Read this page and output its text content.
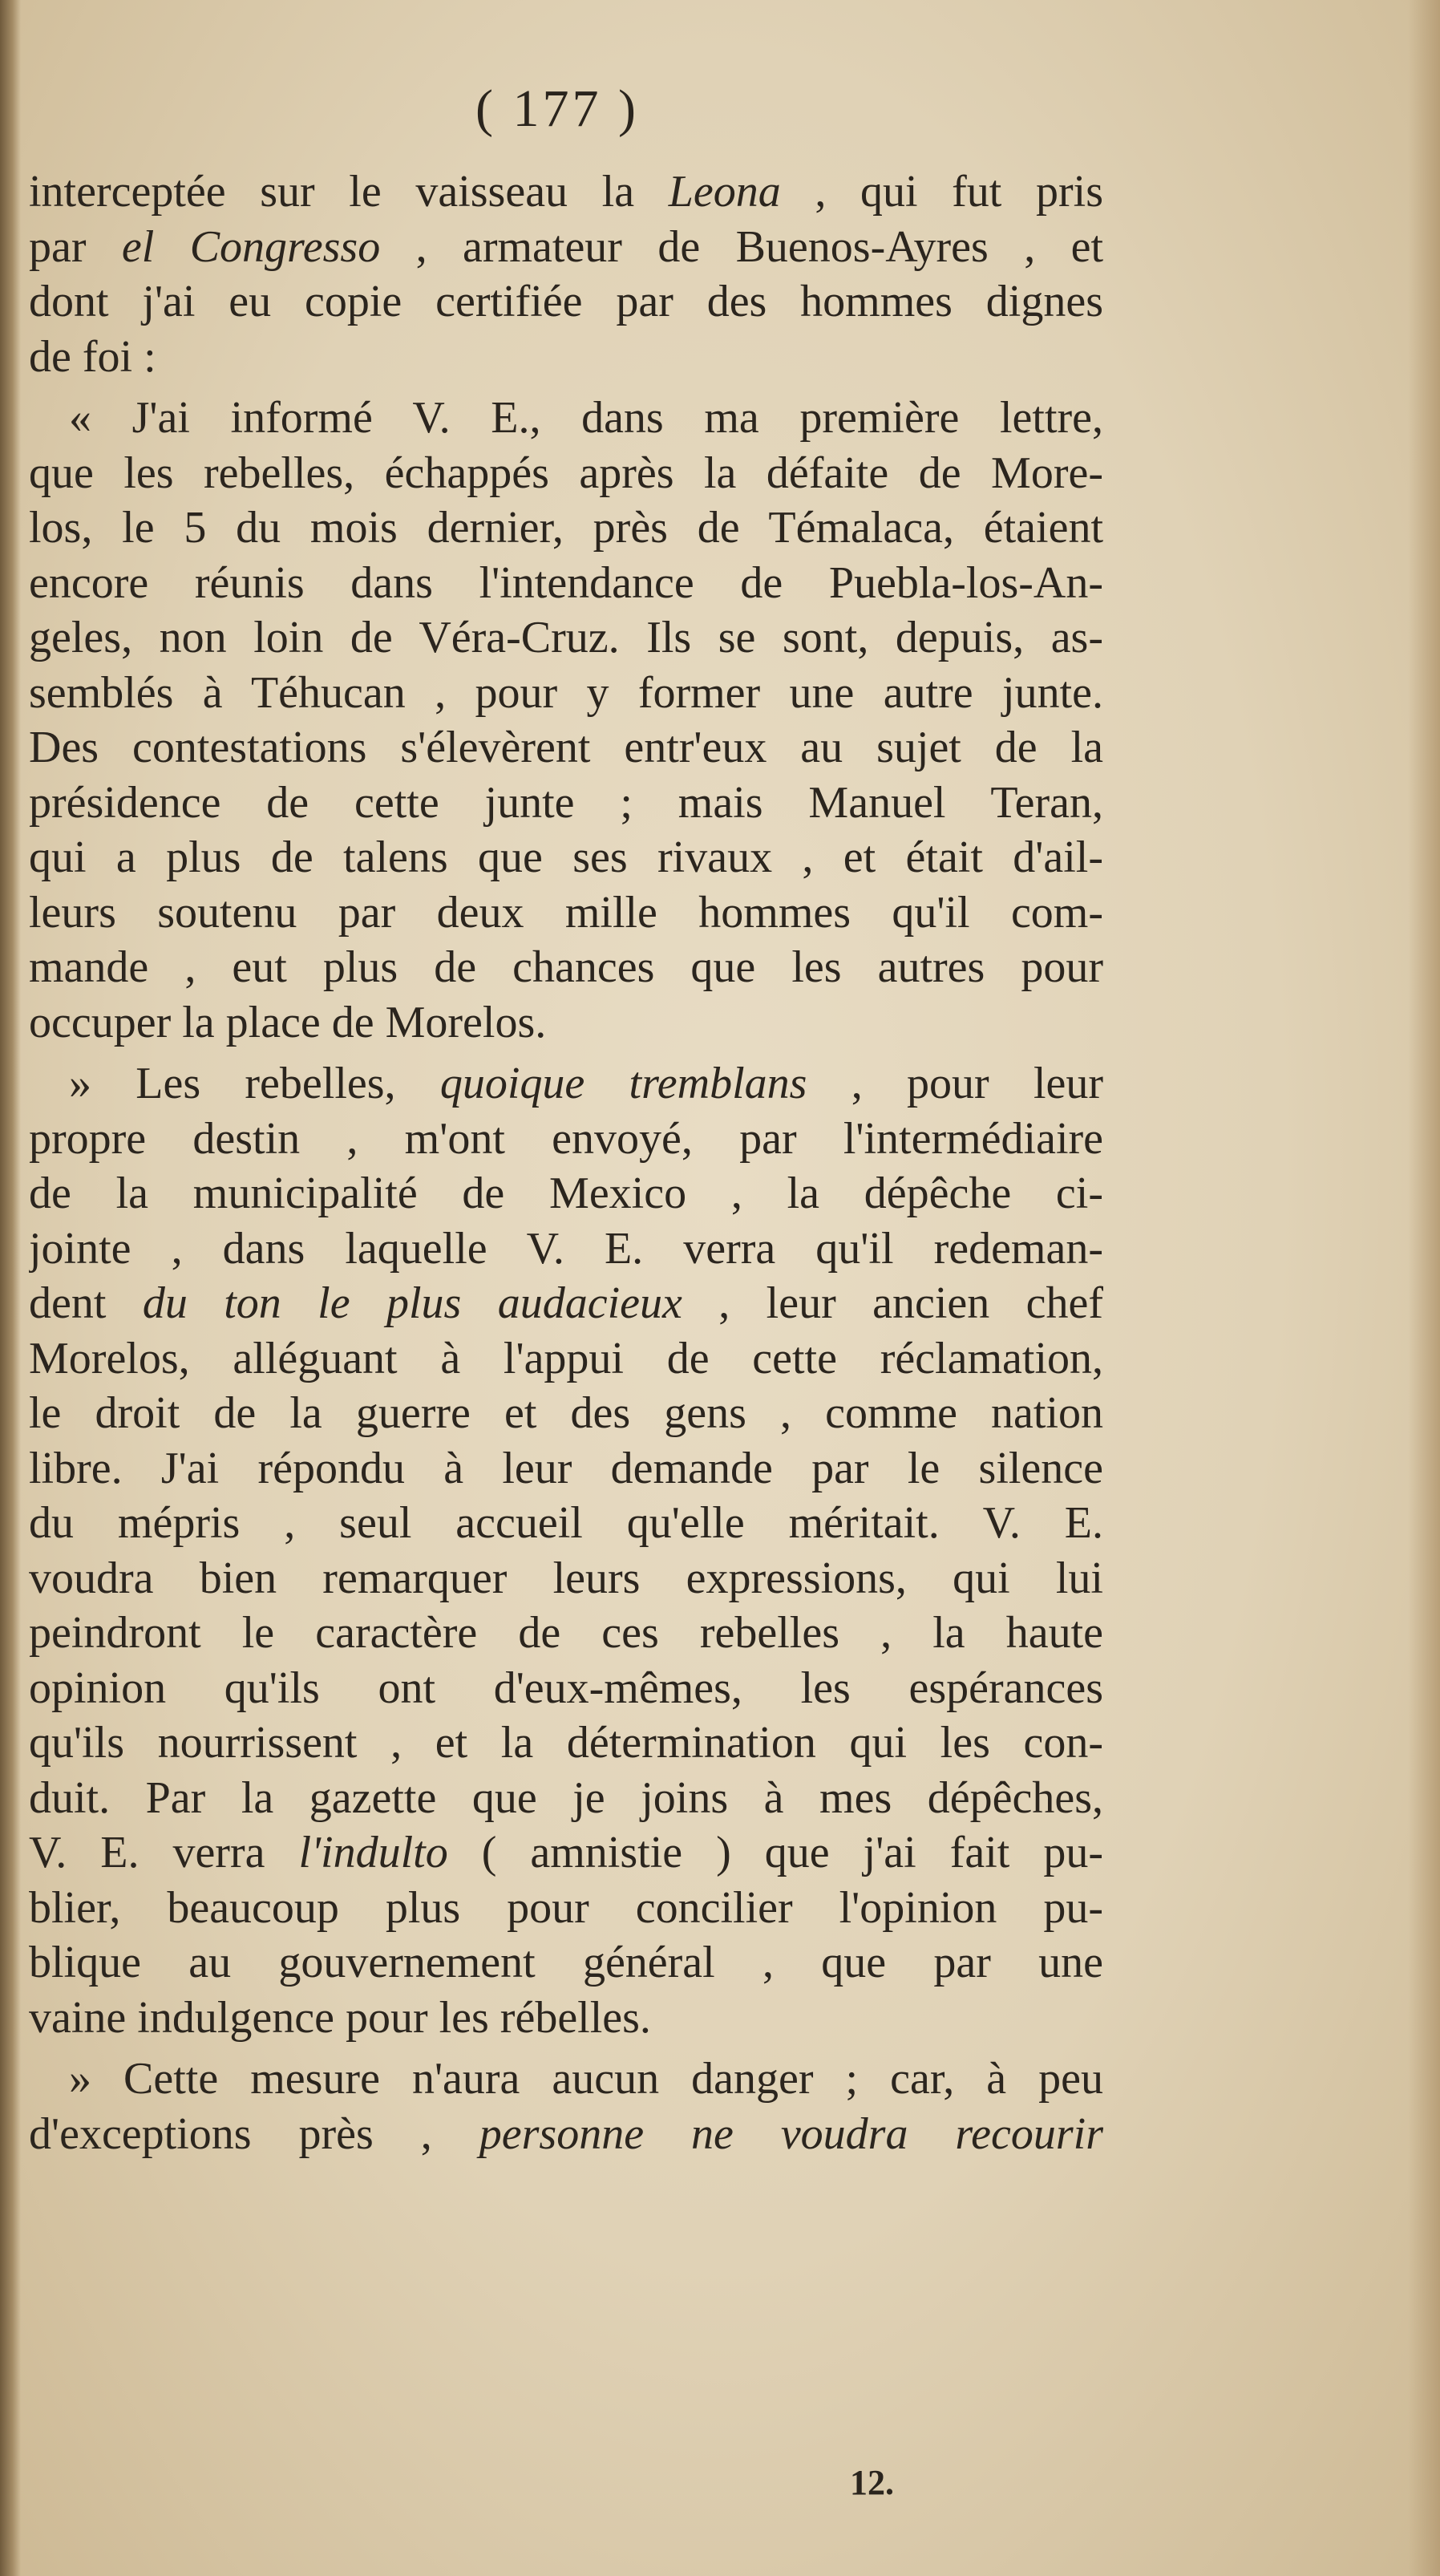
( 177 )
interceptée sur le vaisseau la Leona , qui fut pris
par el Congresso , armateur de Buenos-Ayres , et
dont j'ai eu copie certifiée par des hommes dignes
de foi :
« J'ai informé V. E., dans ma première lettre,
que les rebelles, échappés après la défaite de More-
los, le 5 du mois dernier, près de Témalaca, étaient
encore réunis dans l'intendance de Puebla-los-An-
geles, non loin de Véra-Cruz. Ils se sont, depuis, as-
semblés à Téhucan , pour y former une autre junte.
Des contestations s'élevèrent entr'eux au sujet de la
présidence de cette junte ; mais Manuel Teran,
qui a plus de talens que ses rivaux , et était d'ail-
leurs soutenu par deux mille hommes qu'il com-
mande , eut plus de chances que les autres pour
occuper la place de Morelos.
» Les rebelles, quoique tremblans , pour leur
propre destin , m'ont envoyé, par l'intermédiaire
de la municipalité de Mexico , la dépêche ci-
jointe , dans laquelle V. E. verra qu'il redeman-
dent du ton le plus audacieux , leur ancien chef
Morelos, alléguant à l'appui de cette réclamation,
le droit de la guerre et des gens , comme nation
libre. J'ai répondu à leur demande par le silence
du mépris , seul accueil qu'elle méritait. V. E.
voudra bien remarquer leurs expressions, qui lui
peindront le caractère de ces rebelles , la haute
opinion qu'ils ont d'eux-mêmes, les espérances
qu'ils nourrissent , et la détermination qui les con-
duit. Par la gazette que je joins à mes dépêches,
V. E. verra l'indulto ( amnistie ) que j'ai fait pu-
blier, beaucoup plus pour concilier l'opinion pu-
blique au gouvernement général , que par une
vaine indulgence pour les rébelles.
» Cette mesure n'aura aucun danger ; car, à peu
d'exceptions près , personne ne voudra recourir
12.
